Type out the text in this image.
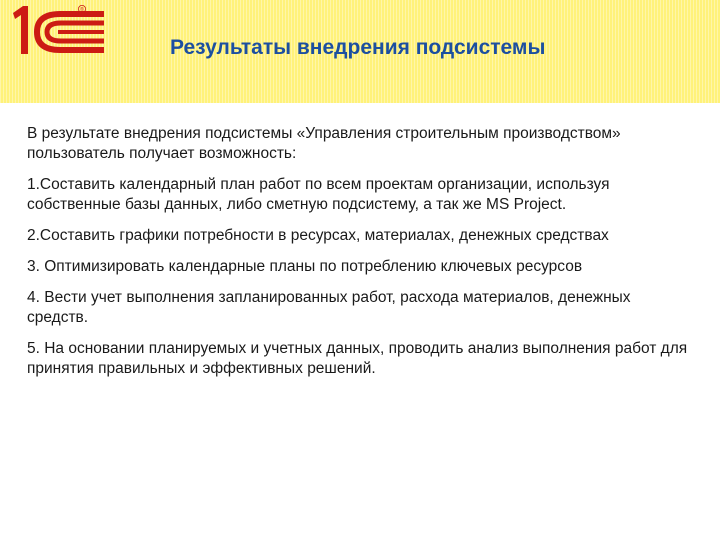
®
Результаты внедрения подсистемы

В результате внедрения подсистемы «Управления строительным производством» пользователь получает возможность:

1.Составить календарный план работ по всем проектам организации, используя собственные базы данных, либо сметную подсистему, а так же MS Project.

2.Составить графики потребности в ресурсах, материалах, денежных средствах

3. Оптимизировать календарные планы по потреблению ключевых ресурсов

4. Вести учет выполнения запланированных работ, расхода материалов, денежных средств.

5. На основании планируемых и учетных данных, проводить анализ выполнения работ для принятия правильных и эффективных решений.
